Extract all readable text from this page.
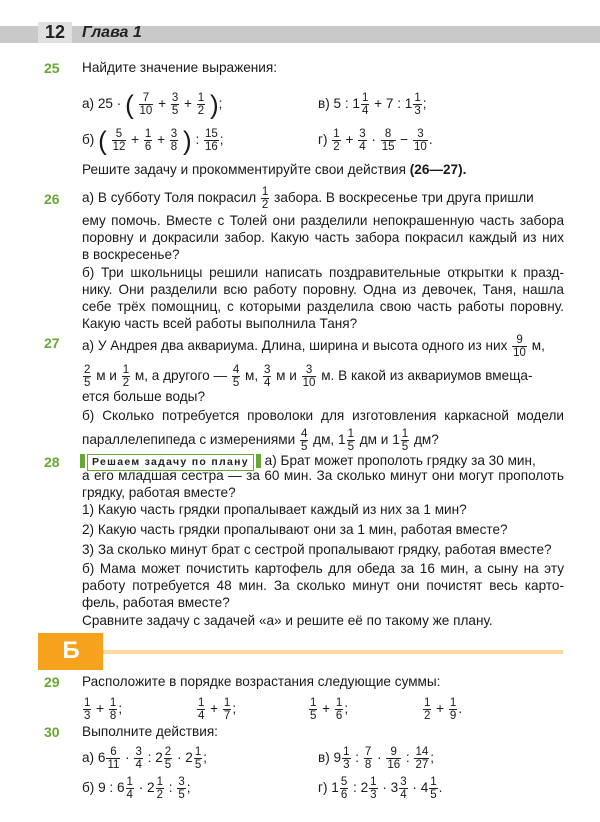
12	Глава 1
25 Найдите значение выражения:
а) 25 · ( $\frac{7}{10} + \frac{3}{5} + \frac{1}{2}$ );	в) 5 : $1 \frac{1}{4} + 7$ : $1 \frac{1}{3}$ ;
б) ( $\frac{5}{12} + \frac{1}{6} + \frac{3}{8}$ ) : $\frac{15}{16}$ ;	$г) \frac{1}{2} + \frac{3}{4} \cdot \frac{8}{15} - \frac{3}{10}$ .
Решите задачу и прокомментируйте свои действия (26—27).
26 а) В субботу Толя покрасил $\frac{1}{2}$ забора. В воскресенье три друга пришли
ему помочь. Вместе с Толей они разделили непокрашенную часть забора
поровну и докрасили забор. Какую часть забора покрасил каждый из них
в воскресенье?
б) Три школьницы решили написать поздравительные открытки к празд-
нику. Они разделили всю работу поровну. Одна из девочек, Таня, нашла
себе трёх помощниц, с которыми разделила свою часть работы поровну.
Какую часть всей работы выполнила Таня?
27 а) У Андрея два аквариума. Длина, ширина и высота одного из них $\frac{9}{10} м$,
$\frac{2}{5}$ м и $\frac{1}{2} м$, а другого — $\frac{4}{5} м$, $\frac{3}{4}$ м и $\frac{3}{10} м$. В какой из аквариумов вмеща-
ется больше воды?
б) Сколько потребуется проволоки для изготовления каркасной модели
параллелепипеда с измерениями $\frac{4}{5}$ дм, $1 \frac{1}{5}$ дм и $1 \frac{1}{5}$ дм?
28	Решаем задачу по плану а) Брат может прополоть грядку за 30 мин,
а его младшая сестра — за 60 мин. За сколько минут они могут прополоть
грядку, работая вместе?
1) Какую часть грядки пропалывает каждый из них за 1 мин?
2) Какую часть грядки пропалывают они за 1 мин, работая вместе?
3) За сколько минут брат с сестрой пропалывают грядку, работая вместе?
б) Мама может почистить картофель для обеда за 16 мин, а сыну на эту
работу потребуется 48 мин. За сколько минут они почистят весь карто-
фель, работая вместе?
Сравните задачу с задачей «а» и решите её по такому же плану.
Б
29 Расположите в порядке возрастания следующие суммы:
$\frac{1}{3} + \frac{1}{8}$ ;	$\frac{1}{4} + \frac{1}{7}$ ;	$\frac{1}{5} + \frac{1}{6}$ ;	$\frac{1}{2} + \frac{1}{9}$ .
30 Выполните действия:
а) $6 \frac{6}{11} \cdot \frac{3}{4}$ : $2 \frac{2}{5} \cdot 2 \frac{1}{5}$ ;	в) $9 \frac{1}{3}$ : $\frac{7}{8} \cdot \frac{9}{16}$ : $\frac{14}{27}$ ;
б) 9 : $6 \frac{1}{4} \cdot 2 \frac{1}{2}$ : $\frac{3}{5}$ ;	г) $1 \frac{5}{6}$ : $2 \frac{1}{3} \cdot 3 \frac{3}{4} \cdot 4 \frac{1}{5}$ .
